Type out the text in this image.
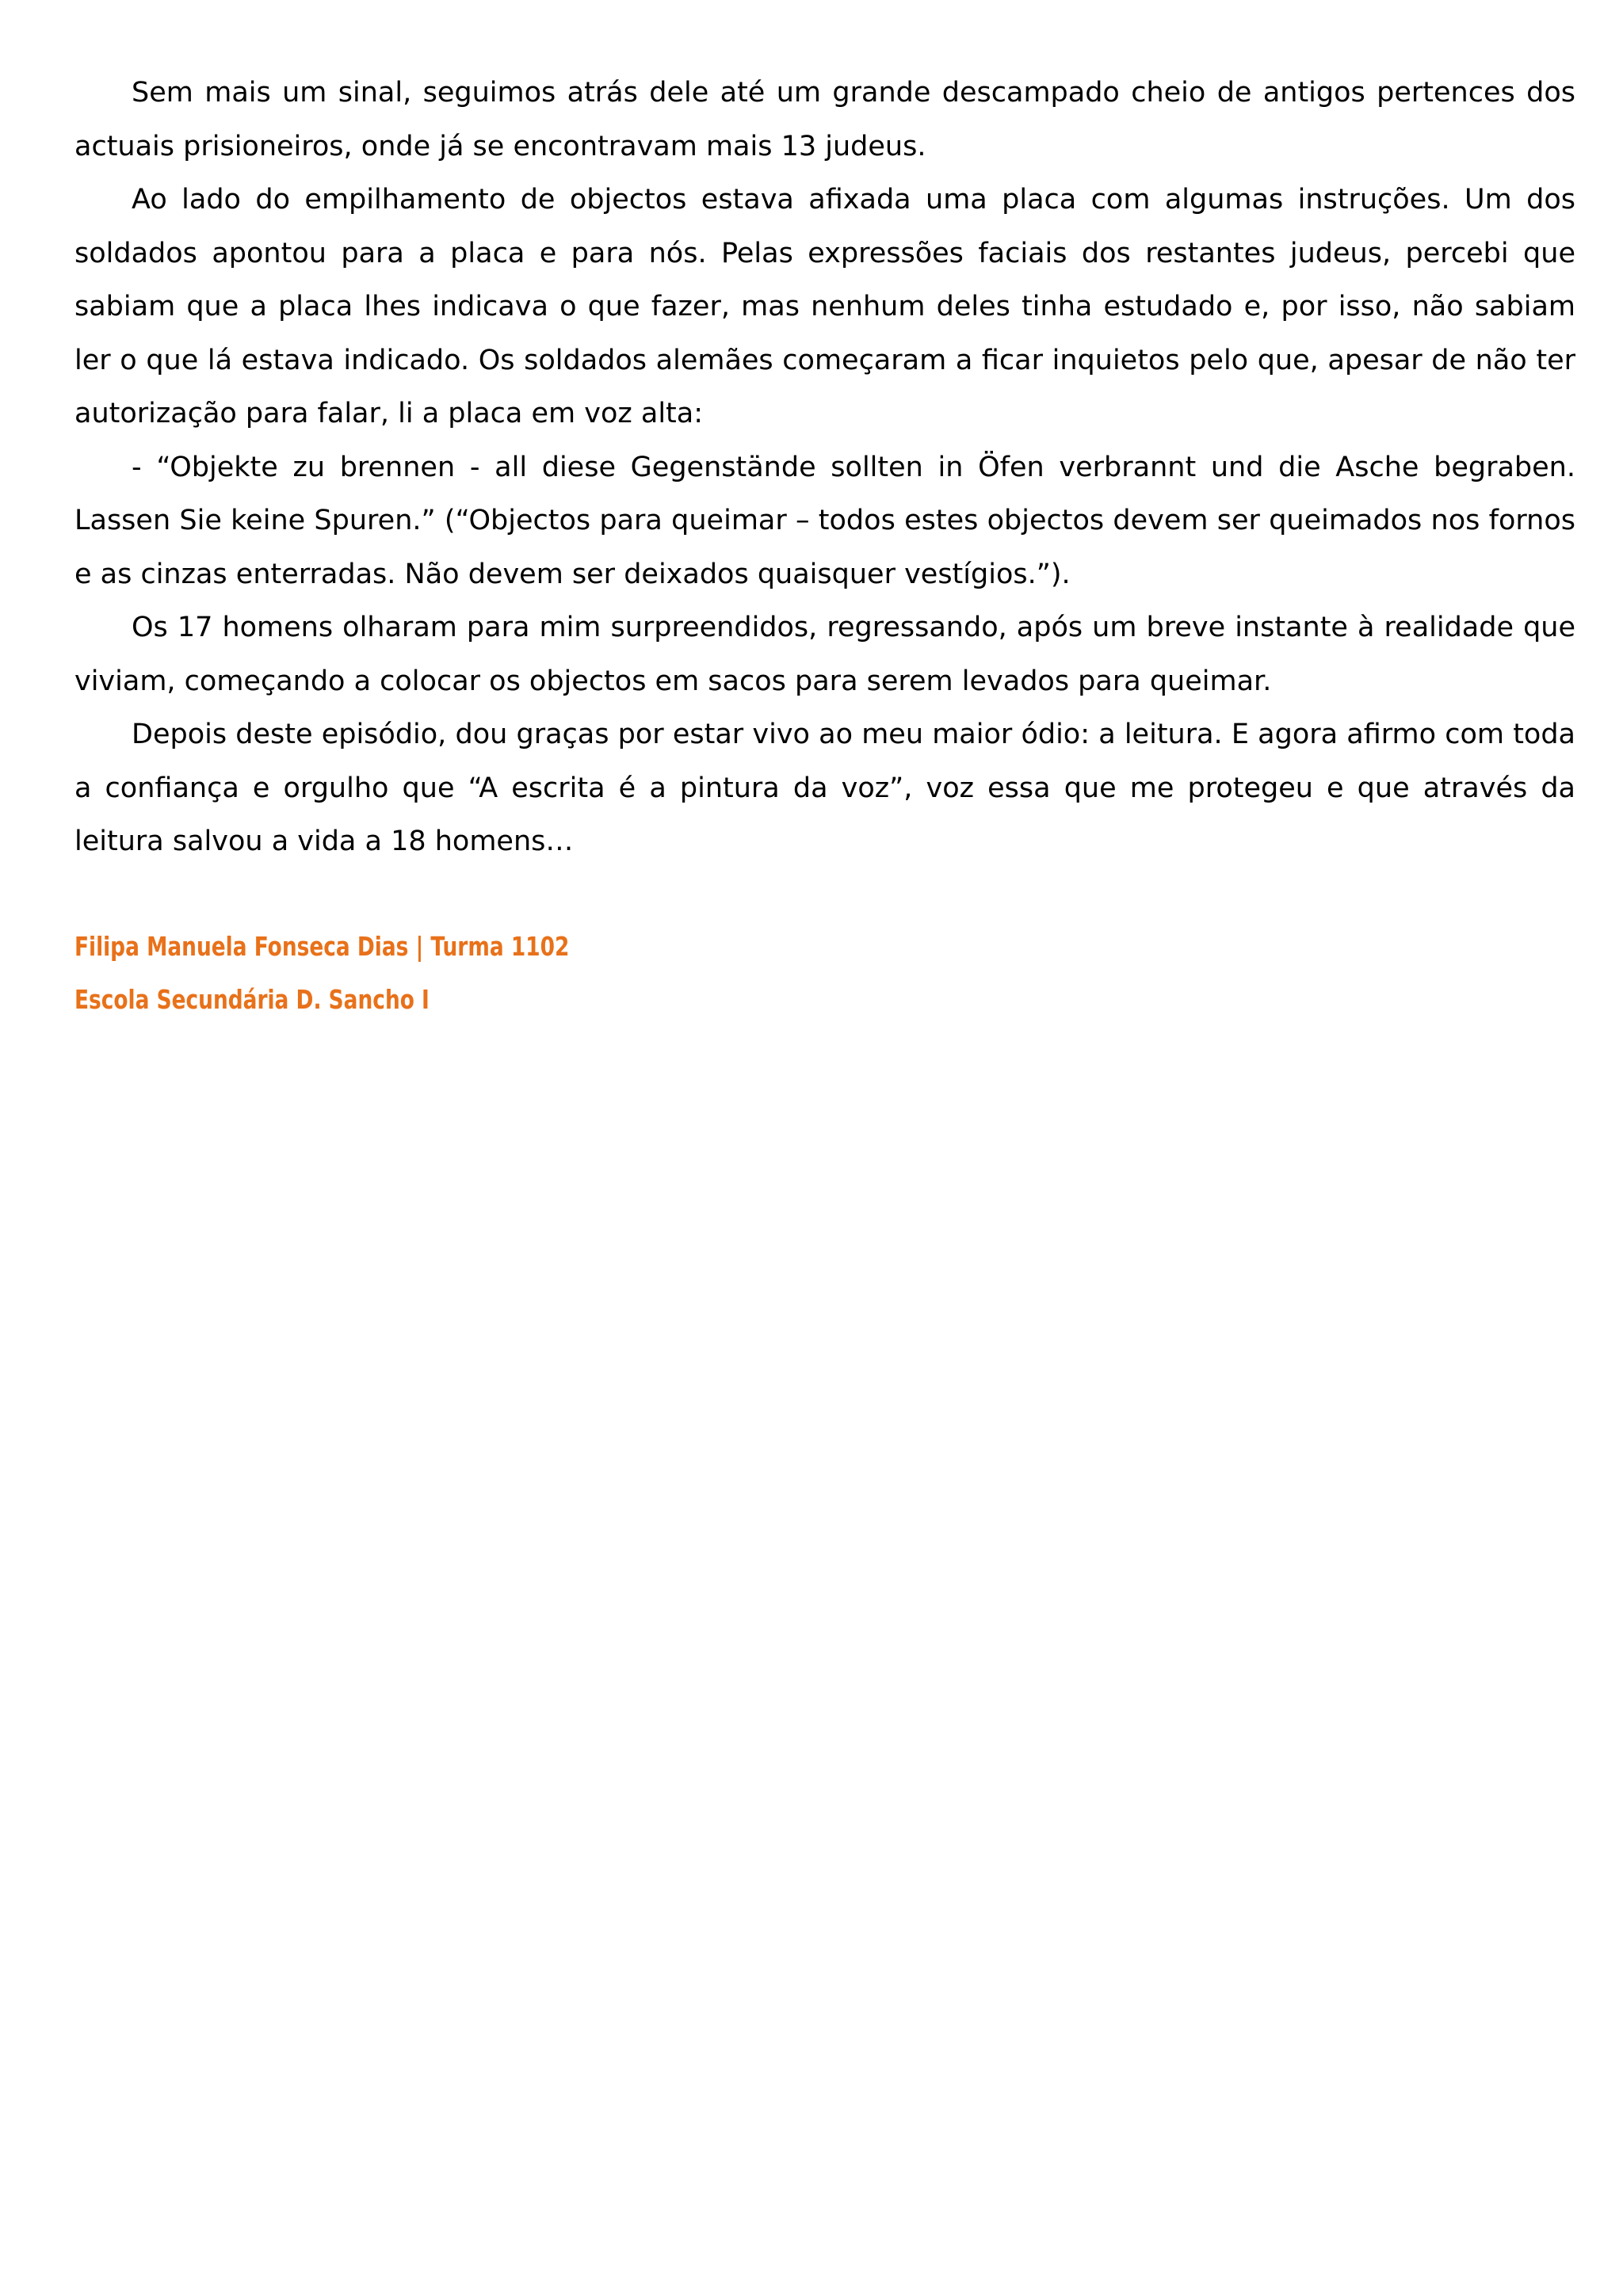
Sem mais um sinal, seguimos atrás dele até um grande descampado cheio de antigos pertences dos actuais prisioneiros, onde já se encontravam mais 13 judeus.

Ao lado do empilhamento de objectos estava afixada uma placa com algumas instruções. Um dos soldados apontou para a placa e para nós. Pelas expressões faciais dos restantes judeus, percebi que sabiam que a placa lhes indicava o que fazer, mas nenhum deles tinha estudado e, por isso, não sabiam ler o que lá estava indicado. Os soldados alemães começaram a ficar inquietos pelo que, apesar de não ter autorização para falar, li a placa em voz alta:

- “Objekte zu brennen - all diese Gegenstände sollten in Öfen verbrannt und die Asche begraben. Lassen Sie keine Spuren.” (“Objectos para queimar – todos estes objectos devem ser queimados nos fornos e as cinzas enterradas. Não devem ser deixados quaisquer vestígios.”).

Os 17 homens olharam para mim surpreendidos, regressando, após um breve instante à realidade que viviam, começando a colocar os objectos em sacos para serem levados para queimar.

Depois deste episódio, dou graças por estar vivo ao meu maior ódio: a leitura. E agora afirmo com toda a confiança e orgulho que “A escrita é a pintura da voz”, voz essa que me protegeu e que através da leitura salvou a vida a 18 homens…

Filipa Manuela Fonseca Dias | Turma 1102
Escola Secundária D. Sancho I
